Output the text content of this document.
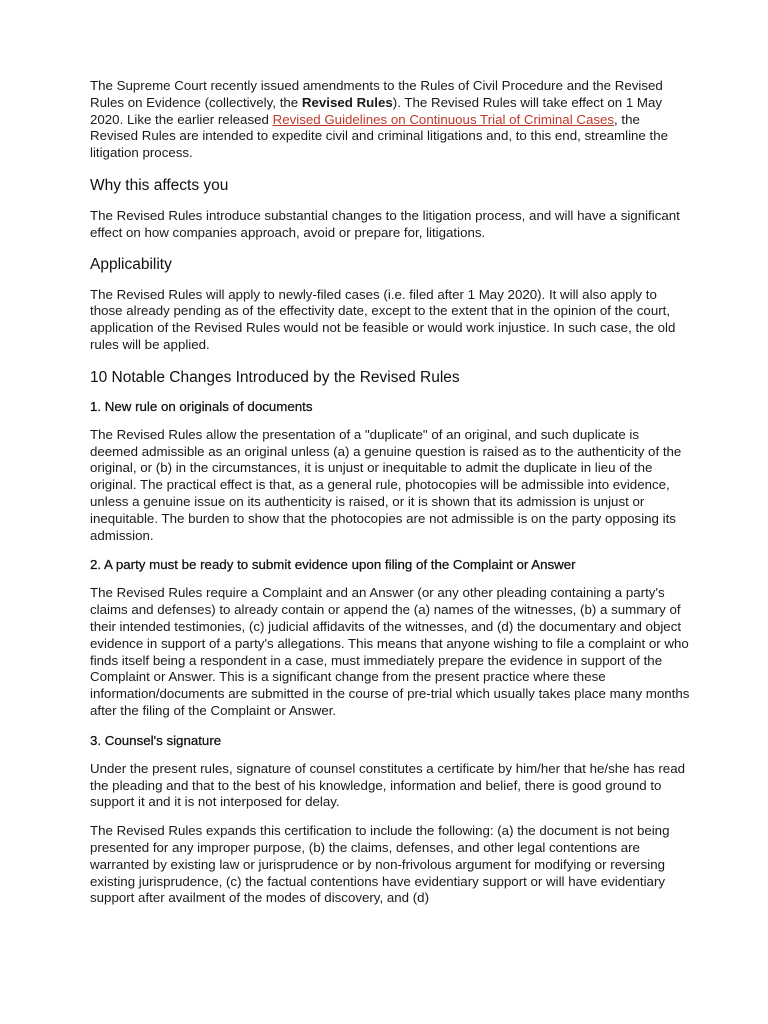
The Supreme Court recently issued amendments to the Rules of Civil Procedure and the Revised Rules on Evidence (collectively, the Revised Rules). The Revised Rules will take effect on 1 May 2020. Like the earlier released Revised Guidelines on Continuous Trial of Criminal Cases, the Revised Rules are intended to expedite civil and criminal litigations and, to this end, streamline the litigation process.

Why this affects you

The Revised Rules introduce substantial changes to the litigation process, and will have a significant effect on how companies approach, avoid or prepare for, litigations.

Applicability

The Revised Rules will apply to newly-filed cases (i.e. filed after 1 May 2020). It will also apply to those already pending as of the effectivity date, except to the extent that in the opinion of the court, application of the Revised Rules would not be feasible or would work injustice. In such case, the old rules will be applied.

10 Notable Changes Introduced by the Revised Rules
1. New rule on originals of documents

The Revised Rules allow the presentation of a "duplicate" of an original, and such duplicate is deemed admissible as an original unless (a) a genuine question is raised as to the authenticity of the original, or (b) in the circumstances, it is unjust or inequitable to admit the duplicate in lieu of the original. The practical effect is that, as a general rule, photocopies will be admissible into evidence, unless a genuine issue on its authenticity is raised, or it is shown that its admission is unjust or inequitable. The burden to show that the photocopies are not admissible is on the party opposing its admission.

2. A party must be ready to submit evidence upon filing of the Complaint or Answer

The Revised Rules require a Complaint and an Answer (or any other pleading containing a party's claims and defenses) to already contain or append the (a) names of the witnesses, (b) a summary of their intended testimonies, (c) judicial affidavits of the witnesses, and (d) the documentary and object evidence in support of a party's allegations. This means that anyone wishing to file a complaint or who finds itself being a respondent in a case, must immediately prepare the evidence in support of the Complaint or Answer. This is a significant change from the present practice where these information/documents are submitted in the course of pre-trial which usually takes place many months after the filing of the Complaint or Answer.

3. Counsel's signature

Under the present rules, signature of counsel constitutes a certificate by him/her that he/she has read the pleading and that to the best of his knowledge, information and belief, there is good ground to support it and it is not interposed for delay.

The Revised Rules expands this certification to include the following: (a) the document is not being presented for any improper purpose, (b) the claims, defenses, and other legal contentions are warranted by existing law or jurisprudence or by non-frivolous argument for modifying or reversing existing jurisprudence, (c) the factual contentions have evidentiary support or will have evidentiary support after availment of the modes of discovery, and (d)
